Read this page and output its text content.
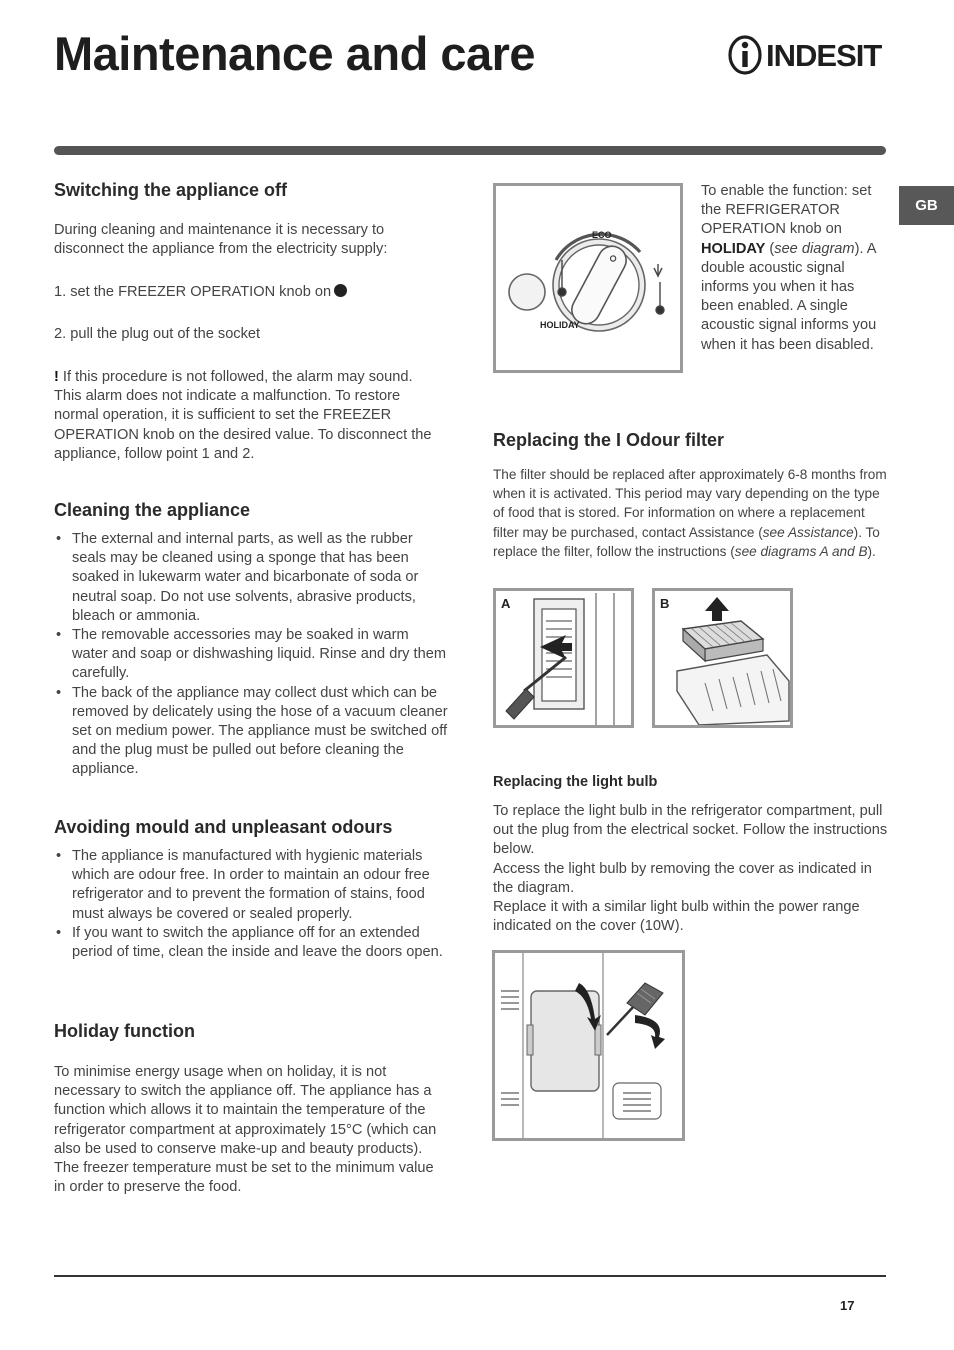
Maintenance and care	INDESIT
GB
Switching the appliance off

During cleaning and maintenance it is necessary to disconnect the appliance from the electricity supply:

1. set the FREEZER OPERATION knob on

2. pull the plug out of the socket

! If this procedure is not followed, the alarm may sound. This alarm does not indicate a malfunction. To restore normal operation, it is sufficient to set the FREEZER OPERATION knob on the desired value. To disconnect the appliance, follow point 1 and 2.

Cleaning the appliance
• The external and internal parts, as well as the rubber seals may be cleaned using a sponge that has been soaked in lukewarm water and bicarbonate of soda or neutral soap. Do not use solvents, abrasive products, bleach or ammonia.
• The removable accessories may be soaked in warm water and soap or dishwashing liquid. Rinse and dry them carefully.
• The back of the appliance may collect dust which can be removed by delicately using the hose of a vacuum cleaner set on medium power. The appliance must be switched off and the plug must be pulled out before cleaning the appliance.
Avoiding mould and unpleasant odours
• The appliance is manufactured with hygienic materials which are odour free. In order to maintain an odour free refrigerator and to prevent the formation of stains, food must always be covered or sealed properly.
• If you want to switch the appliance off for an extended period of time, clean the inside and leave the doors open.
Holiday function

To minimise energy usage when on holiday, it is not necessary to switch the appliance off. The appliance has a function which allows it to maintain the temperature of the refrigerator compartment at approximately 15°C (which can also be used to conserve make-up and beauty products). The freezer temperature must be set to the minimum value in order to preserve the food.

ECO
HOLIDAY

To enable the function: set the REFRIGERATOR OPERATION knob on HOLIDAY (see diagram). A double acoustic signal informs you when it has been enabled. A single acoustic signal informs you when it has been disabled.

Replacing the I Odour filter

The filter should be replaced after approximately 6-8 months from when it is activated. This period may vary depending on the type of food that is stored. For information on where a replacement filter may be purchased, contact Assistance (see Assistance). To replace the filter, follow the instructions (see diagrams A and B).

A	B
Replacing the light bulb

To replace the light bulb in the refrigerator compartment, pull out the plug from the electrical socket. Follow the instructions below.
Access the light bulb by removing the cover as indicated in the diagram.
Replace it with a similar light bulb within the power range indicated on the cover (10W).

17
